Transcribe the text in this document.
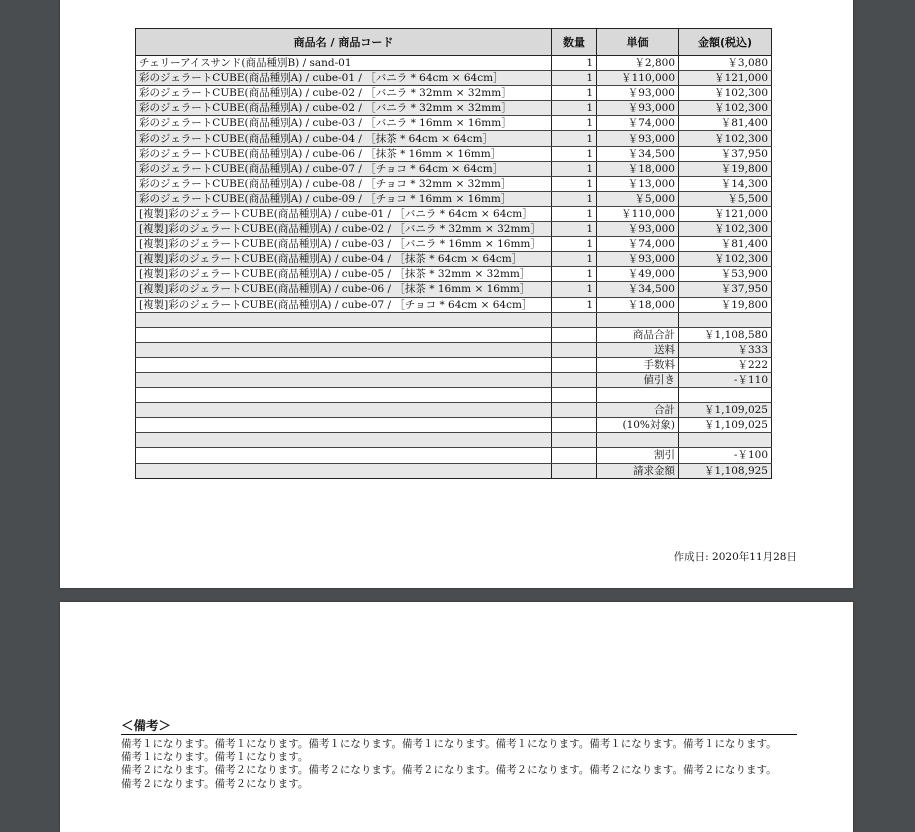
商品名 / 商品コード	数量	単価	金額(税込)
チェリーアイスサンド(商品種別B) / sand-01	1	￥2,800	￥3,080
彩のジェラートCUBE(商品種別A) / cube-01 / ［バニラ * 64cm × 64cm］	1	￥110,000	￥121,000
彩のジェラートCUBE(商品種別A) / cube-02 / ［バニラ * 32mm × 32mm］	1	￥93,000	￥102,300
彩のジェラートCUBE(商品種別A) / cube-02 / ［バニラ * 32mm × 32mm］	1	￥93,000	￥102,300
彩のジェラートCUBE(商品種別A) / cube-03 / ［バニラ * 16mm × 16mm］	1	￥74,000	￥81,400
彩のジェラートCUBE(商品種別A) / cube-04 / ［抹茶 * 64cm × 64cm］	1	￥93,000	￥102,300
彩のジェラートCUBE(商品種別A) / cube-06 / ［抹茶 * 16mm × 16mm］	1	￥34,500	￥37,950
彩のジェラートCUBE(商品種別A) / cube-07 / ［チョコ * 64cm × 64cm］	1	￥18,000	￥19,800
彩のジェラートCUBE(商品種別A) / cube-08 / ［チョコ * 32mm × 32mm］	1	￥13,000	￥14,300
彩のジェラートCUBE(商品種別A) / cube-09 / ［チョコ * 16mm × 16mm］	1	￥5,000	￥5,500
[複製]彩のジェラートCUBE(商品種別A) / cube-01 / ［バニラ * 64cm × 64cm］	1	￥110,000	￥121,000
[複製]彩のジェラートCUBE(商品種別A) / cube-02 / ［バニラ * 32mm × 32mm］	1	￥93,000	￥102,300
[複製]彩のジェラートCUBE(商品種別A) / cube-03 / ［バニラ * 16mm × 16mm］	1	￥74,000	￥81,400
[複製]彩のジェラートCUBE(商品種別A) / cube-04 / ［抹茶 * 64cm × 64cm］	1	￥93,000	￥102,300
[複製]彩のジェラートCUBE(商品種別A) / cube-05 / ［抹茶 * 32mm × 32mm］	1	￥49,000	￥53,900
[複製]彩のジェラートCUBE(商品種別A) / cube-06 / ［抹茶 * 16mm × 16mm］	1	￥34,500	￥37,950
[複製]彩のジェラートCUBE(商品種別A) / cube-07 / ［チョコ * 64cm × 64cm］	1	￥18,000	￥19,800

		商品合計	￥1,108,580
		送料	￥333
		手数料	￥222
		値引き	-￥110

		合計	￥1,109,025
		(10%対象)	￥1,109,025

		割引	-￥100
		請求金額	￥1,108,925
作成日: 2020年11月28日
＜備考＞

備考１になります。備考１になります。備考１になります。備考１になります。備考１になります。備考１になります。備考１になります。

備考１になります。備考１になります。

備考２になります。備考２になります。備考２になります。備考２になります。備考２になります。備考２になります。備考２になります。

備考２になります。備考２になります。
